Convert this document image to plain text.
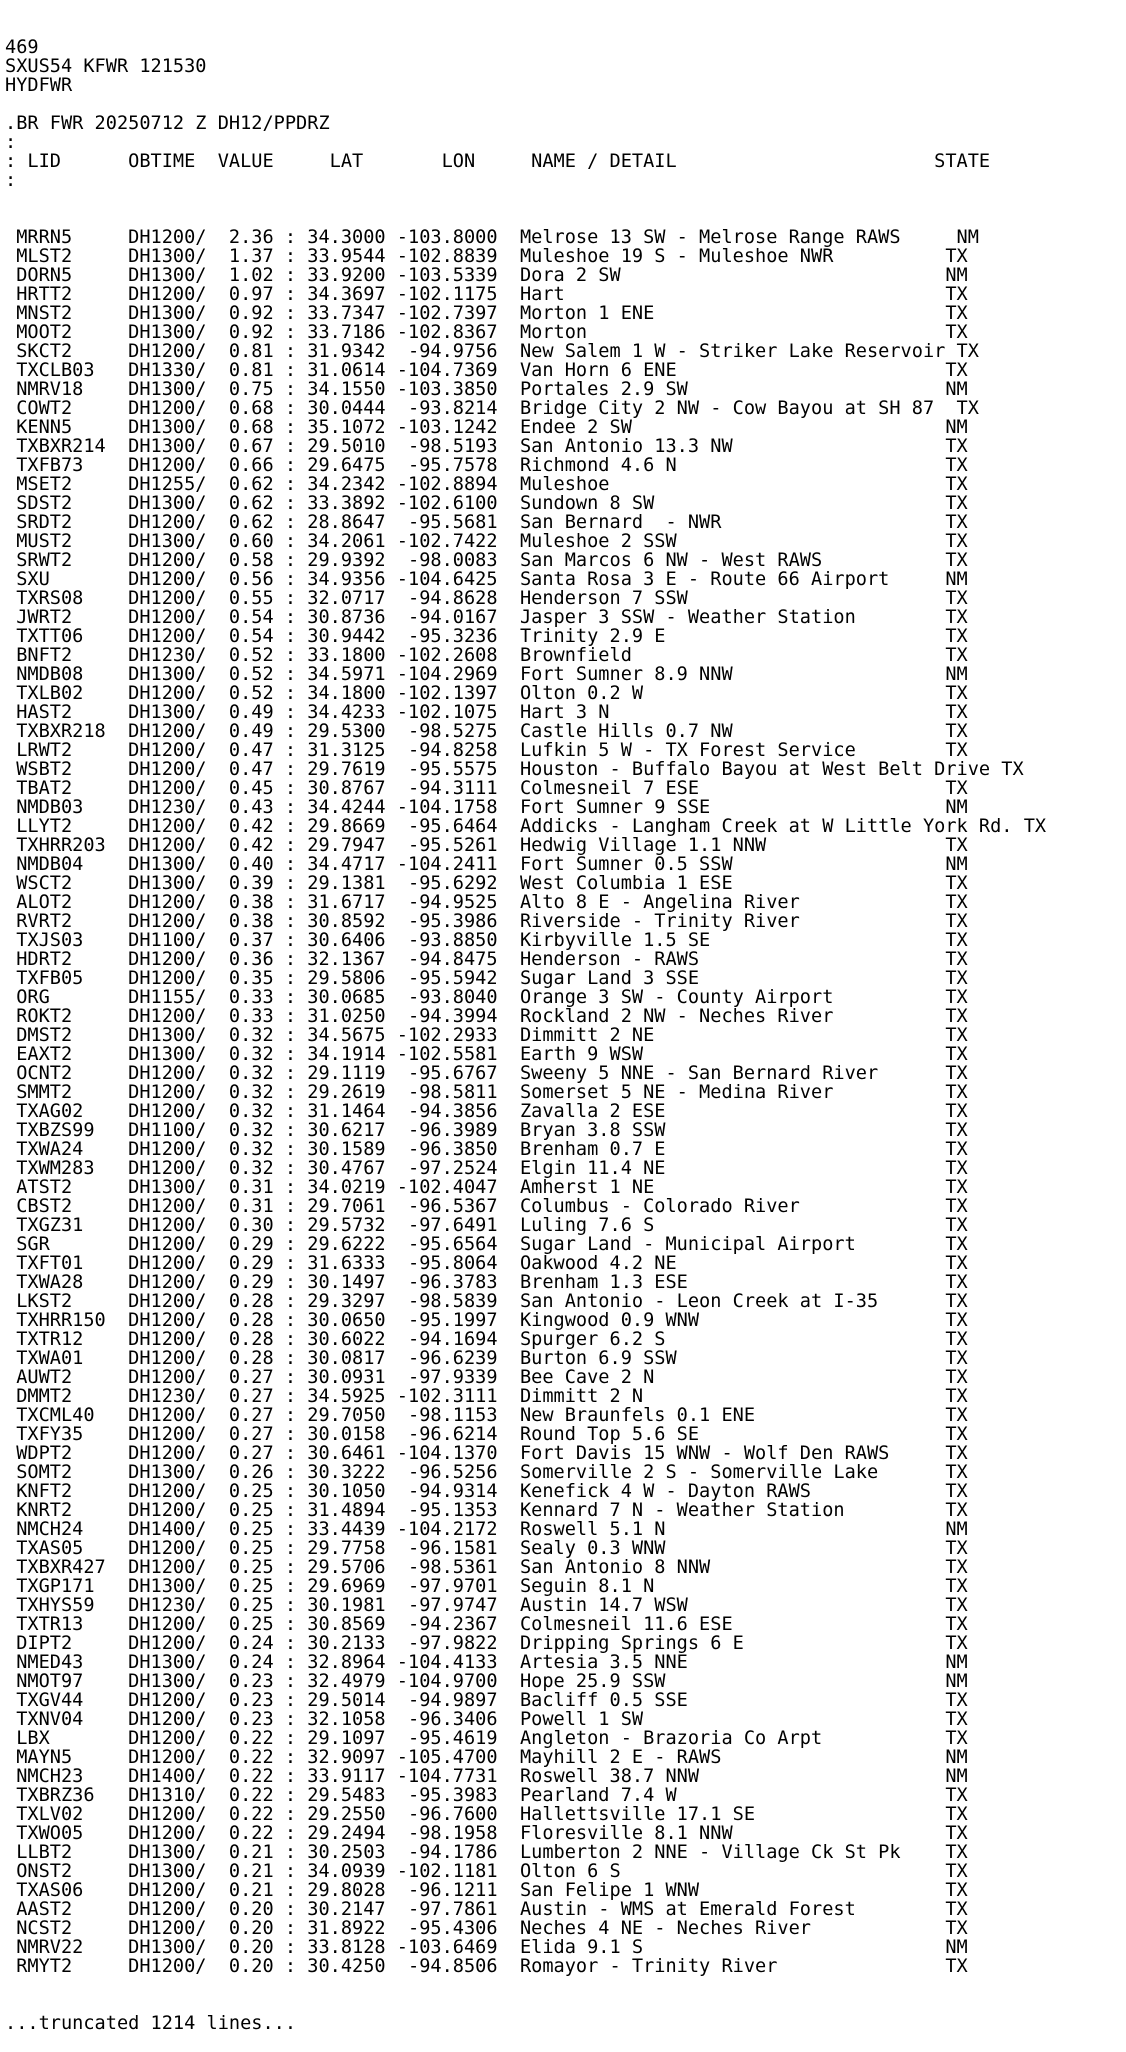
469
SXUS54 KFWR 121530
HYDFWR
.BR FWR 20250712 Z DH12/PPDRZ
:
: LID      OBTIME  VALUE     LAT       LON     NAME / DETAIL                       STATE
:

MRRN5     DH1200/  2.36 : 34.3000 -103.8000  Melrose 13 SW - Melrose Range RAWS     NM
MLST2     DH1300/  1.37 : 33.9544 -102.8839  Muleshoe 19 S - Muleshoe NWR          TX
DORN5     DH1300/  1.02 : 33.9200 -103.5339  Dora 2 SW                             NM
HRTT2     DH1200/  0.97 : 34.3697 -102.1175  Hart                                  TX
MNST2     DH1300/  0.92 : 33.7347 -102.7397  Morton 1 ENE                          TX
MOOT2     DH1300/  0.92 : 33.7186 -102.8367  Morton                                TX
SKCT2     DH1200/  0.81 : 31.9342  -94.9756  New Salem 1 W - Striker Lake Reservoir TX
TXCLB03   DH1330/  0.81 : 31.0614 -104.7369  Van Horn 6 ENE                        TX
NMRV18    DH1300/  0.75 : 34.1550 -103.3850  Portales 2.9 SW                       NM
COWT2     DH1200/  0.68 : 30.0444  -93.8214  Bridge City 2 NW - Cow Bayou at SH 87  TX
KENN5     DH1300/  0.68 : 35.1072 -103.1242  Endee 2 SW                            NM
TXBXR214  DH1300/  0.67 : 29.5010  -98.5193  San Antonio 13.3 NW                   TX
TXFB73    DH1200/  0.66 : 29.6475  -95.7578  Richmond 4.6 N                        TX
MSET2     DH1255/  0.62 : 34.2342 -102.8894  Muleshoe                              TX
SDST2     DH1300/  0.62 : 33.3892 -102.6100  Sundown 8 SW                          TX
SRDT2     DH1200/  0.62 : 28.8647  -95.5681  San Bernard  - NWR                    TX
MUST2     DH1300/  0.60 : 34.2061 -102.7422  Muleshoe 2 SSW                        TX
SRWT2     DH1200/  0.58 : 29.9392  -98.0083  San Marcos 6 NW - West RAWS           TX
SXU       DH1200/  0.56 : 34.9356 -104.6425  Santa Rosa 3 E - Route 66 Airport     NM
TXRS08    DH1200/  0.55 : 32.0717  -94.8628  Henderson 7 SSW                       TX
JWRT2     DH1200/  0.54 : 30.8736  -94.0167  Jasper 3 SSW - Weather Station        TX
TXTT06    DH1200/  0.54 : 30.9442  -95.3236  Trinity 2.9 E                         TX
BNFT2     DH1230/  0.52 : 33.1800 -102.2608  Brownfield                            TX
NMDB08    DH1300/  0.52 : 34.5971 -104.2969  Fort Sumner 8.9 NNW                   NM
TXLB02    DH1200/  0.52 : 34.1800 -102.1397  Olton 0.2 W                           TX
HAST2     DH1300/  0.49 : 34.4233 -102.1075  Hart 3 N                              TX
TXBXR218  DH1200/  0.49 : 29.5300  -98.5275  Castle Hills 0.7 NW                   TX
LRWT2     DH1200/  0.47 : 31.3125  -94.8258  Lufkin 5 W - TX Forest Service        TX
WSBT2     DH1200/  0.47 : 29.7619  -95.5575  Houston - Buffalo Bayou at West Belt Drive TX
TBAT2     DH1200/  0.45 : 30.8767  -94.3111  Colmesneil 7 ESE                      TX
NMDB03    DH1230/  0.43 : 34.4244 -104.1758  Fort Sumner 9 SSE                     NM
LLYT2     DH1200/  0.42 : 29.8669  -95.6464  Addicks - Langham Creek at W Little York Rd. TX
TXHRR203  DH1200/  0.42 : 29.7947  -95.5261  Hedwig Village 1.1 NNW                TX
NMDB04    DH1300/  0.40 : 34.4717 -104.2411  Fort Sumner 0.5 SSW                   NM
WSCT2     DH1300/  0.39 : 29.1381  -95.6292  West Columbia 1 ESE                   TX
ALOT2     DH1200/  0.38 : 31.6717  -94.9525  Alto 8 E - Angelina River             TX
RVRT2     DH1200/  0.38 : 30.8592  -95.3986  Riverside - Trinity River             TX
TXJS03    DH1100/  0.37 : 30.6406  -93.8850  Kirbyville 1.5 SE                     TX
HDRT2     DH1200/  0.36 : 32.1367  -94.8475  Henderson - RAWS                      TX
TXFB05    DH1200/  0.35 : 29.5806  -95.5942  Sugar Land 3 SSE                      TX
ORG       DH1155/  0.33 : 30.0685  -93.8040  Orange 3 SW - County Airport          TX
ROKT2     DH1200/  0.33 : 31.0250  -94.3994  Rockland 2 NW - Neches River          TX
DMST2     DH1300/  0.32 : 34.5675 -102.2933  Dimmitt 2 NE                          TX
EAXT2     DH1300/  0.32 : 34.1914 -102.5581  Earth 9 WSW                           TX
OCNT2     DH1200/  0.32 : 29.1119  -95.6767  Sweeny 5 NNE - San Bernard River      TX
SMMT2     DH1200/  0.32 : 29.2619  -98.5811  Somerset 5 NE - Medina River          TX
TXAG02    DH1200/  0.32 : 31.1464  -94.3856  Zavalla 2 ESE                         TX
TXBZS99   DH1100/  0.32 : 30.6217  -96.3989  Bryan 3.8 SSW                         TX
TXWA24    DH1200/  0.32 : 30.1589  -96.3850  Brenham 0.7 E                         TX
TXWM283   DH1200/  0.32 : 30.4767  -97.2524  Elgin 11.4 NE                         TX
ATST2     DH1300/  0.31 : 34.0219 -102.4047  Amherst 1 NE                          TX
CBST2     DH1200/  0.31 : 29.7061  -96.5367  Columbus - Colorado River             TX
TXGZ31    DH1200/  0.30 : 29.5732  -97.6491  Luling 7.6 S                          TX
SGR       DH1200/  0.29 : 29.6222  -95.6564  Sugar Land - Municipal Airport        TX
TXFT01    DH1200/  0.29 : 31.6333  -95.8064  Oakwood 4.2 NE                        TX
TXWA28    DH1200/  0.29 : 30.1497  -96.3783  Brenham 1.3 ESE                       TX
LKST2     DH1200/  0.28 : 29.3297  -98.5839  San Antonio - Leon Creek at I-35      TX
TXHRR150  DH1200/  0.28 : 30.0650  -95.1997  Kingwood 0.9 WNW                      TX
TXTR12    DH1200/  0.28 : 30.6022  -94.1694  Spurger 6.2 S                         TX
TXWA01    DH1200/  0.28 : 30.0817  -96.6239  Burton 6.9 SSW                        TX
AUWT2     DH1200/  0.27 : 30.0931  -97.9339  Bee Cave 2 N                          TX
DMMT2     DH1230/  0.27 : 34.5925 -102.3111  Dimmitt 2 N                           TX
TXCML40   DH1200/  0.27 : 29.7050  -98.1153  New Braunfels 0.1 ENE                 TX
TXFY35    DH1200/  0.27 : 30.0158  -96.6214  Round Top 5.6 SE                      TX
WDPT2     DH1200/  0.27 : 30.6461 -104.1370  Fort Davis 15 WNW - Wolf Den RAWS     TX
SOMT2     DH1300/  0.26 : 30.3222  -96.5256  Somerville 2 S - Somerville Lake      TX
KNFT2     DH1200/  0.25 : 30.1050  -94.9314  Kenefick 4 W - Dayton RAWS            TX
KNRT2     DH1200/  0.25 : 31.4894  -95.1353  Kennard 7 N - Weather Station         TX
NMCH24    DH1400/  0.25 : 33.4439 -104.2172  Roswell 5.1 N                         NM
TXAS05    DH1200/  0.25 : 29.7758  -96.1581  Sealy 0.3 WNW                         TX
TXBXR427  DH1200/  0.25 : 29.5706  -98.5361  San Antonio 8 NNW                     TX
TXGP171   DH1300/  0.25 : 29.6969  -97.9701  Seguin 8.1 N                          TX
TXHYS59   DH1230/  0.25 : 30.1981  -97.9747  Austin 14.7 WSW                       TX
TXTR13    DH1200/  0.25 : 30.8569  -94.2367  Colmesneil 11.6 ESE                   TX
DIPT2     DH1200/  0.24 : 30.2133  -97.9822  Dripping Springs 6 E                  TX
NMED43    DH1300/  0.24 : 32.8964 -104.4133  Artesia 3.5 NNE                       NM
NMOT97    DH1300/  0.23 : 32.4979 -104.9700  Hope 25.9 SSW                         NM
TXGV44    DH1200/  0.23 : 29.5014  -94.9897  Bacliff 0.5 SSE                       TX
TXNV04    DH1200/  0.23 : 32.1058  -96.3406  Powell 1 SW                           TX
LBX       DH1200/  0.22 : 29.1097  -95.4619  Angleton - Brazoria Co Arpt           TX
MAYN5     DH1200/  0.22 : 32.9097 -105.4700  Mayhill 2 E - RAWS                    NM
NMCH23    DH1400/  0.22 : 33.9117 -104.7731  Roswell 38.7 NNW                      NM
TXBRZ36   DH1310/  0.22 : 29.5483  -95.3983  Pearland 7.4 W                        TX
TXLV02    DH1200/  0.22 : 29.2550  -96.7600  Hallettsville 17.1 SE                 TX
TXWO05    DH1200/  0.22 : 29.2494  -98.1958  Floresville 8.1 NNW                   TX
LLBT2     DH1300/  0.21 : 30.2503  -94.1786  Lumberton 2 NNE - Village Ck St Pk    TX
ONST2     DH1300/  0.21 : 34.0939 -102.1181  Olton 6 S                             TX
TXAS06    DH1200/  0.21 : 29.8028  -96.1211  San Felipe 1 WNW                      TX
AAST2     DH1200/  0.20 : 30.2147  -97.7861  Austin - WMS at Emerald Forest        TX
NCST2     DH1200/  0.20 : 31.8922  -95.4306  Neches 4 NE - Neches River            TX
NMRV22    DH1300/  0.20 : 33.8128 -103.6469  Elida 9.1 S                           NM
RMYT2     DH1200/  0.20 : 30.4250  -94.8506  Romayor - Trinity River               TX

...truncated 1214 lines...
